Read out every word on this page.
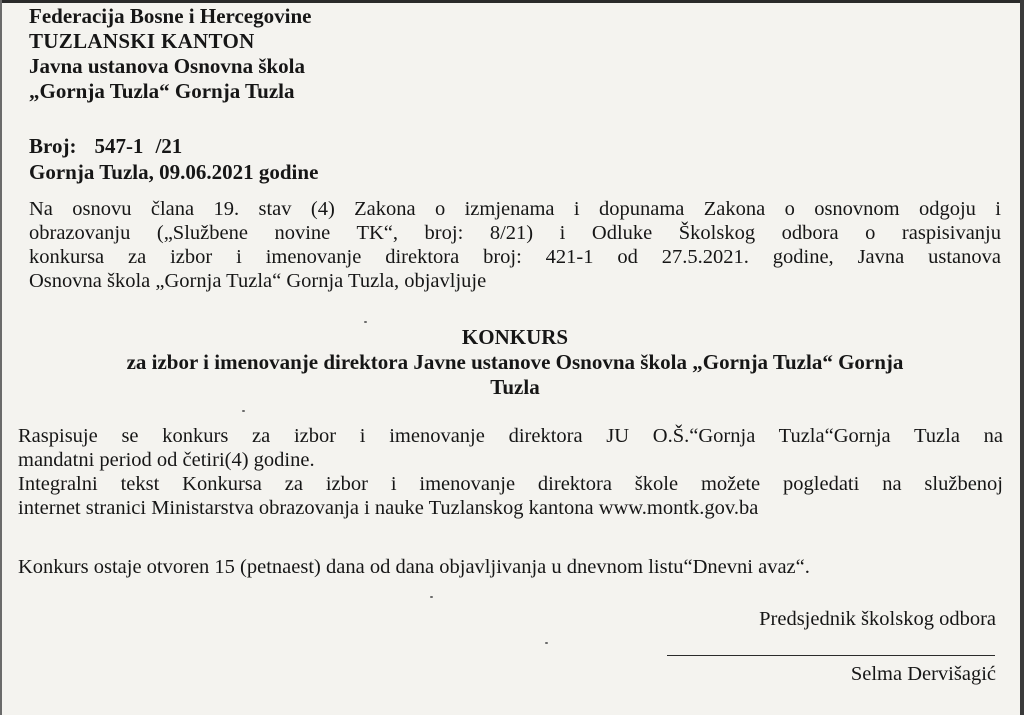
Federacija Bosne i Hercegovine
TUZLANSKI KANTON
Javna ustanova Osnovna škola
„Gornja Tuzla“ Gornja Tuzla
Broj: 547-1 /21
Gornja Tuzla, 09.06.2021 godine
Na osnovu člana 19. stav (4) Zakona o izmjenama i dopunama Zakona o osnovnom odgoju i
obrazovanju („Službene novine TK“, broj: 8/21) i Odluke Školskog odbora o raspisivanju
konkursa za izbor i imenovanje direktora broj: 421-1 od 27.5.2021. godine, Javna ustanova
Osnovna škola „Gornja Tuzla“ Gornja Tuzla, objavljuje
KONKURS
za izbor i imenovanje direktora Javne ustanove Osnovna škola „Gornja Tuzla“ Gornja
Tuzla
Raspisuje se konkurs za izbor i imenovanje direktora JU O.Š.“Gornja Tuzla“Gornja Tuzla na
mandatni period od četiri(4) godine.
Integralni tekst Konkursa za izbor i imenovanje direktora škole možete pogledati na službenoj
internet stranici Ministarstva obrazovanja i nauke Tuzlanskog kantona www.montk.gov.ba
Konkurs ostaje otvoren 15 (petnaest) dana od dana objavljivanja u dnevnom listu“Dnevni avaz“.
Predsjednik školskog odbora
Selma Dervišagić
